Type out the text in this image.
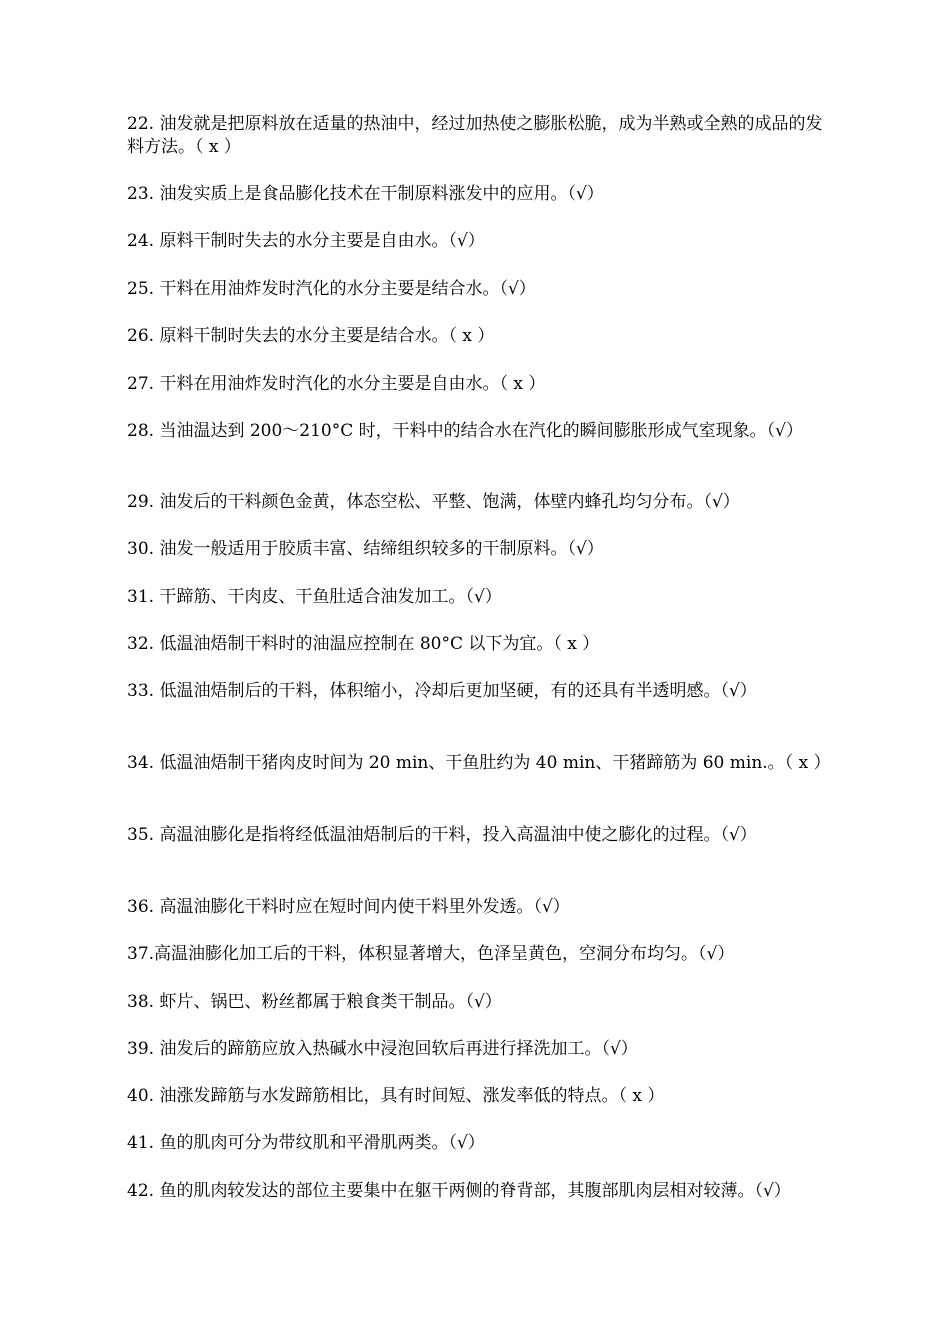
22. 油发就是把原料放在适量的热油中，经过加热使之膨胀松脆，成为半熟或全熟的成品的发料方法。（ x ）

23. 油发实质上是食品膨化技术在干制原料涨发中的应用。（√）

24. 原料干制时失去的水分主要是自由水。（√）

25. 干料在用油炸发时汽化的水分主要是结合水。（√）

26. 原料干制时失去的水分主要是结合水。（ x ）

27. 干料在用油炸发时汽化的水分主要是自由水。（ x ）

28. 当油温达到 200～210°C 时，干料中的结合水在汽化的瞬间膨胀形成气室现象。（√）

29. 油发后的干料颜色金黄，体态空松、平整、饱满，体壁内蜂孔均匀分布。（√）

30. 油发一般适用于胶质丰富、结缔组织较多的干制原料。（√）

31. 干蹄筋、干肉皮、干鱼肚适合油发加工。（√）

32. 低温油焐制干料时的油温应控制在 80°C 以下为宜。（ x ）

33. 低温油焐制后的干料，体积缩小，冷却后更加坚硬，有的还具有半透明感。（√）

34. 低温油焐制干猪肉皮时间为 20 min、干鱼肚约为 40 min、干猪蹄筋为 60 min.。（ x ）

35. 高温油膨化是指将经低温油焐制后的干料，投入高温油中使之膨化的过程。（√）

36. 高温油膨化干料时应在短时间内使干料里外发透。（√）

37.高温油膨化加工后的干料，体积显著增大，色泽呈黄色，空洞分布均匀。（√）

38. 虾片、锅巴、粉丝都属于粮食类干制品。（√）

39. 油发后的蹄筋应放入热碱水中浸泡回软后再进行择洗加工。（√）

40. 油涨发蹄筋与水发蹄筋相比，具有时间短、涨发率低的特点。（ x ）

41. 鱼的肌肉可分为带纹肌和平滑肌两类。（√）

42. 鱼的肌肉较发达的部位主要集中在躯干两侧的脊背部，其腹部肌肉层相对较薄。（√）
